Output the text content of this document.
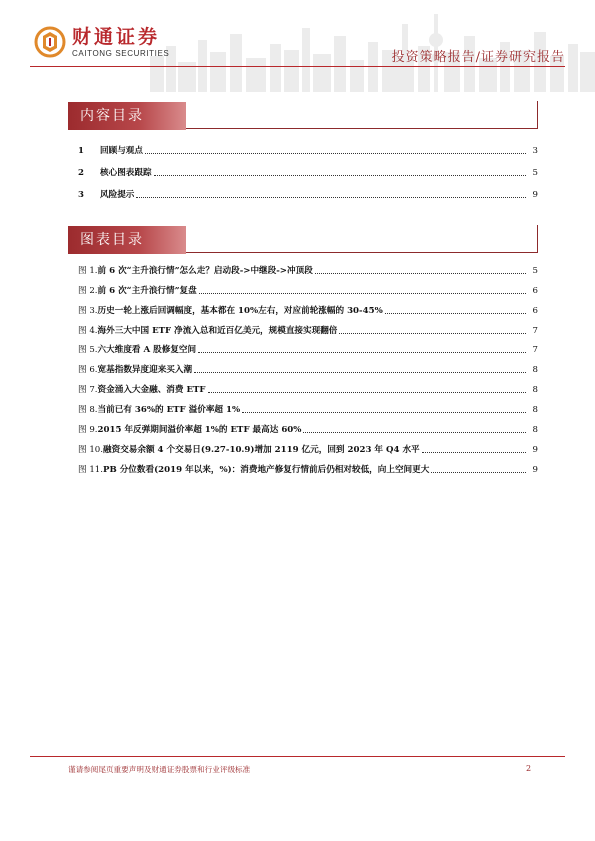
财通证券
CAITONG SECURITIES	投资策略报告/证券研究报告
内容目录
1	回顾与观点	3
2	核心图表跟踪	5
3	风险提示	9
图表目录
图 1. 前 6 次“主升浪行情”怎么走？启动段->中继段->冲顶段	5
图 2. 前 6 次“主升浪行情”复盘	6
图 3. 历史一轮上涨后回调幅度，基本都在 10%左右，对应前轮涨幅的 30-45%	6
图 4. 海外三大中国 ETF 净流入总和近百亿美元，规模直接实现翻倍	7
图 5. 六大维度看 A 股修复空间	7
图 6. 宽基指数异度迎来买入潮	8
图 7. 资金涌入大金融、消费 ETF	8
图 8. 当前已有 36%的 ETF 溢价率超 1%	8
图 9. 2015 年反弹期间溢价率超 1%的 ETF 最高达 60%	8
图 10. 融资交易余额 4 个交易日(9.27-10.9)增加 2119 亿元，回到 2023 年 Q4 水平	9
图 11. PB 分位数看(2019 年以来，%)：消费地产修复行情前后仍相对较低，向上空间更大	9
谨请参阅尾页重要声明及财通证券股票和行业评级标准	2
